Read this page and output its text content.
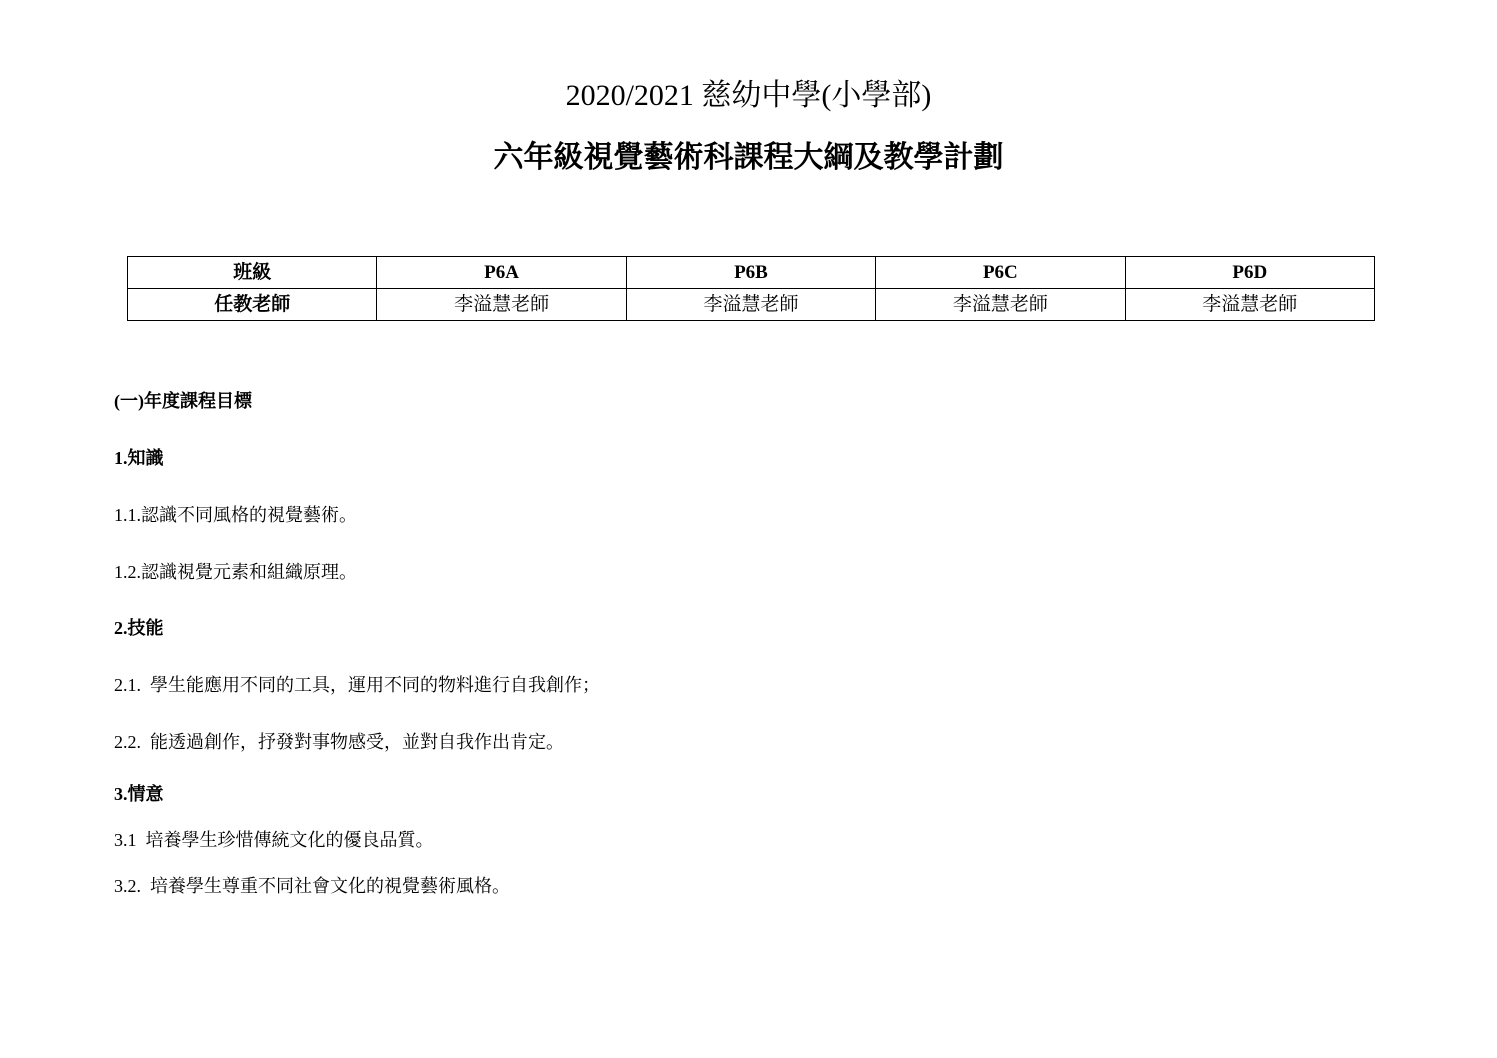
2020/2021 慈幼中學(小學部)
六年級視覺藝術科課程大綱及教學計劃
班級	P6A	P6B	P6C	P6D
任教老師	李溢慧老師	李溢慧老師	李溢慧老師	李溢慧老師

(一)年度課程目標

1.知識

1.1.認識不同風格的視覺藝術。

1.2.認識視覺元素和組織原理。

2.技能

2.1.  學生能應用不同的工具，運用不同的物料進行自我創作；

2.2.  能透過創作，抒發對事物感受，並對自我作出肯定。

3.情意

3.1  培養學生珍惜傳統文化的優良品質。

3.2.  培養學生尊重不同社會文化的視覺藝術風格。
